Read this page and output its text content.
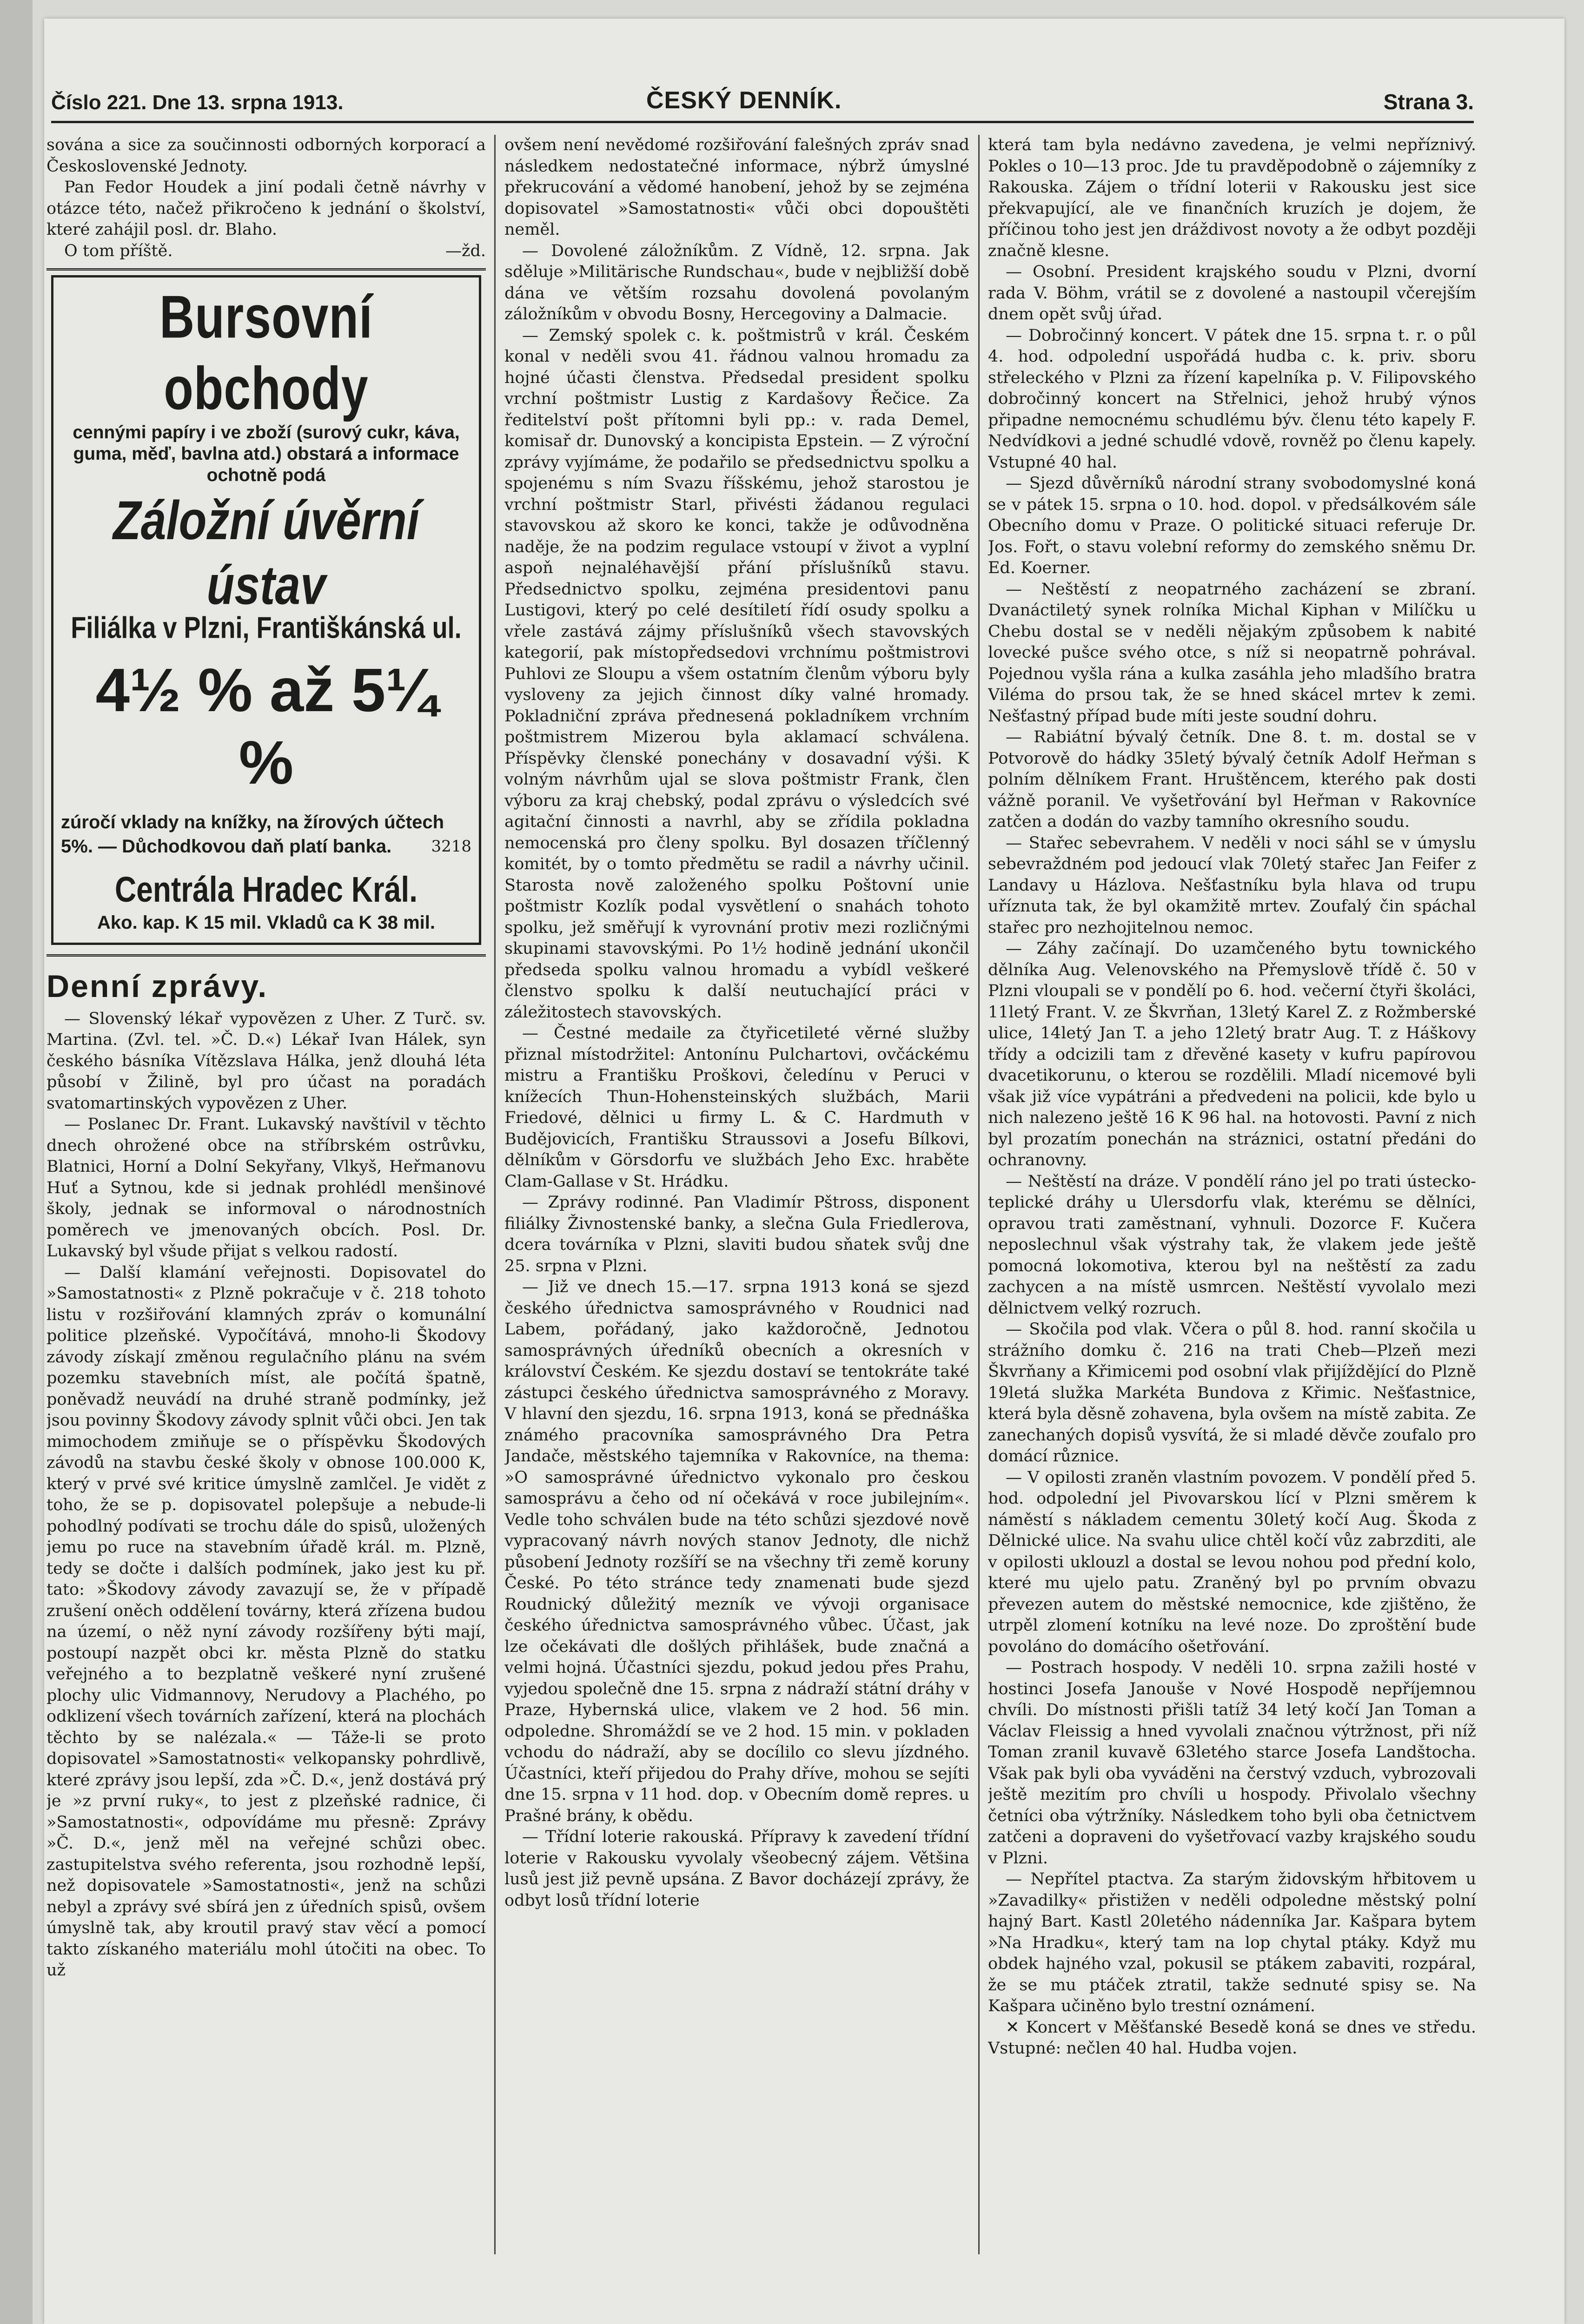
Číslo 221. Dne 13. srpna 1913.	ČESKÝ DENNÍK.	Strana 3.

sována a sice za součinnosti odborných korporací a Československé Jednoty.

Pan Fedor Houdek a jiní podali četně návrhy v otázce této, načež přikročeno k jednání o školství, které zahájil posl. dr. Blaho.

O tom příště.	—žd.
Bursovní obchody
cennými papíry i ve zboží (surový cukr, káva, guma, měď, bavlna atd.) obstará a informace ochotně podá
Záložní úvěrní ústav
Filiálka v Plzni, Františkánská ul.
4½ % až 5¼ %
zúročí vklady na knížky, na žírových účtech 5%. — Důchodkovou daň platí banka.	3218
Centrála Hradec Král.
Ako. kap. K 15 mil. Vkladů ca K 38 mil.
Denní zprávy.

— Slovenský lékař vypovězen z Uher. Z Turč. sv. Martina. (Zvl. tel. »Č. D.«) Lékař Ivan Hálek, syn českého básníka Vítězslava Hálka, jenž dlouhá léta působí v Žilině, byl pro účast na poradách svatomartinských vypovězen z Uher.

— Poslanec Dr. Frant. Lukavský navštívil v těchto dnech ohrožené obce na stříbrském ostrůvku, Blatnici, Horní a Dolní Sekyřany, Vlkyš, Heřmanovu Huť a Sytnou, kde si jednak prohlédl menšinové školy, jednak se informoval o národnostních poměrech ve jmenovaných obcích. Posl. Dr. Lukavský byl všude přijat s velkou radostí.

— Další klamání veřejnosti. Dopisovatel do »Samostatnosti« z Plzně pokračuje v č. 218 tohoto listu v rozšiřování klamných zpráv o komunální politice plzeňské. Vypočítává, mnoho-li Škodovy závody získají změnou regulačního plánu na svém pozemku stavebních míst, ale počítá špatně, poněvadž neuvádí na druhé straně podmínky, jež jsou povinny Škodovy závody splnit vůči obci. Jen tak mimochodem zmiňuje se o příspěvku Škodových závodů na stavbu české školy v obnose 100.000 K, který v prvé své kritice úmyslně zamlčel. Je vidět z toho, že se p. dopisovatel polepšuje a nebude-li pohodlný podívati se trochu dále do spisů, uložených jemu po ruce na stavebním úřadě král. m. Plzně, tedy se dočte i dalších podmínek, jako jest ku př. tato: »Škodovy závody zavazují se, že v případě zrušení oněch oddělení továrny, která zřízena budou na území, o něž nyní závody rozšířeny býti mají, postoupí nazpět obci kr. města Plzně do statku veřejného a to bezplatně veškeré nyní zrušené plochy ulic Vidmannovy, Nerudovy a Plachého, po odklizení všech továrních zařízení, která na plochách těchto by se nalézala.« — Táže-li se proto dopisovatel »Samostatnosti« velkopansky pohrdlivě, které zprávy jsou lepší, zda »Č. D.«, jenž dostává prý je »z první ruky«, to jest z plzeňské radnice, či »Samostatnosti«, odpovídáme mu přesně: Zprávy »Č. D.«, jenž měl na veřejné schůzi obec. zastupitelstva svého referenta, jsou rozhodně lepší, než dopisovatele »Samostatnosti«, jenž na schůzi nebyl a zprávy své sbírá jen z úředních spisů, ovšem úmyslně tak, aby kroutil pravý stav věcí a pomocí takto získaného materiálu mohl útočiti na obec. To už

ovšem není nevědomé rozšiřování falešných zpráv snad následkem nedostatečné informace, nýbrž úmyslné překrucování a vědomé hanobení, jehož by se zejména dopisovatel »Samostatnosti« vůči obci dopouštěti neměl.

— Dovolené záložníkům. Z Vídně, 12. srpna. Jak sděluje »Militärische Rundschau«, bude v nejbližší době dána ve větším rozsahu dovolená povolaným záložníkům v obvodu Bosny, Hercegoviny a Dalmacie.

— Zemský spolek c. k. poštmistrů v král. Českém konal v neděli svou 41. řádnou valnou hromadu za hojné účasti členstva. Předsedal president spolku vrchní poštmistr Lustig z Kardašovy Řečice. Za ředitelství pošt přítomni byli pp.: v. rada Demel, komisař dr. Dunovský a koncipista Epstein. — Z výroční zprávy vyjímáme, že podařilo se předsednictvu spolku a spojenému s ním Svazu říšskému, jehož starostou je vrchní poštmistr Starl, přivésti žádanou regulaci stavovskou až skoro ke konci, takže je odůvodněna naděje, že na podzim regulace vstoupí v život a vyplní aspoň nejnaléhavější přání příslušníků stavu. Předsednictvo spolku, zejména presidentovi panu Lustigovi, který po celé desítiletí řídí osudy spolku a vřele zastává zájmy příslušníků všech stavovských kategorií, pak místopředsedovi vrchnímu poštmistrovi Puhlovi ze Sloupu a všem ostatním členům výboru byly vysloveny za jejich činnost díky valné hromady. Pokladniční zpráva přednesená pokladníkem vrchním poštmistrem Mizerou byla aklamací schválena. Příspěvky členské ponechány v dosavadní výši. K volným návrhům ujal se slova poštmistr Frank, člen výboru za kraj chebský, podal zprávu o výsledcích své agitační činnosti a navrhl, aby se zřídila pokladna nemocenská pro členy spolku. Byl dosazen tříčlenný komitét, by o tomto předmětu se radil a návrhy učinil. Starosta nově založeného spolku Poštovní unie poštmistr Kozlík podal vysvětlení o snahách tohoto spolku, jež směřují k vyrovnání protiv mezi rozličnými skupinami stavovskými. Po 1½ hodině jednání ukončil předseda spolku valnou hromadu a vybídl veškeré členstvo spolku k další neutuchající práci v záležitostech stavovských.

— Čestné medaile za čtyřicetileté věrné služby přiznal místodržitel: Antonínu Pulchartovi, ovčáckému mistru a Františku Proškovi, čeledínu v Peruci v knížecích Thun-Hohensteinských službách, Marii Friedové, dělnici u firmy L. & C. Hardmuth v Budějovicích, Františku Straussovi a Josefu Bílkovi, dělníkům v Görsdorfu ve službách Jeho Exc. hraběte Clam-Gallase v St. Hrádku.

— Zprávy rodinné. Pan Vladimír Pštross, disponent filiálky Živnostenské banky, a slečna Gula Friedlerova, dcera továrníka v Plzni, slaviti budou sňatek svůj dne 25. srpna v Plzni.

— Již ve dnech 15.—17. srpna 1913 koná se sjezd českého úřednictva samosprávného v Roudnici nad Labem, pořádaný, jako každoročně, Jednotou samosprávných úředníků obecních a okresních v království Českém. Ke sjezdu dostaví se tentokráte také zástupci českého úřednictva samosprávného z Moravy. V hlavní den sjezdu, 16. srpna 1913, koná se přednáška známého pracovníka samosprávného Dra Petra Jandače, městského tajemníka v Rakovníce, na thema: »O samosprávné úřednictvo vykonalo pro českou samosprávu a čeho od ní očekává v roce jubilejním«. Vedle toho schválen bude na této schůzi sjezdové nově vypracovaný návrh nových stanov Jednoty, dle nichž působení Jednoty rozšíří se na všechny tři země koruny České. Po této stránce tedy znamenati bude sjezd Roudnický důležitý mezník ve vývoji organisace českého úřednictva samosprávného vůbec. Účast, jak lze očekávati dle došlých přihlášek, bude značná a velmi hojná. Účastníci sjezdu, pokud jedou přes Prahu, vyjedou společně dne 15. srpna z nádraží státní dráhy v Praze, Hybernská ulice, vlakem ve 2 hod. 56 min. odpoledne. Shromáždí se ve 2 hod. 15 min. v pokladen vchodu do nádraží, aby se docílilo co slevu jízdného. Účastníci, kteří přijedou do Prahy dříve, mohou se sejíti dne 15. srpna v 11 hod. dop. v Obecním domě repres. u Prašné brány, k obědu.

— Třídní loterie rakouská. Přípravy k zavedení třídní loterie v Rakousku vyvolaly všeobecný zájem. Většina lusů jest již pevně upsána. Z Bavor docházejí zprávy, že odbyt losů třídní loterie

která tam byla nedávno zavedena, je velmi nepříznivý. Pokles o 10—13 proc. Jde tu pravděpodobně o zájemníky z Rakouska. Zájem o třídní loterii v Rakousku jest sice překvapující, ale ve finančních kruzích je dojem, že příčinou toho jest jen dráždivost novoty a že odbyt později značně klesne.

— Osobní. President krajského soudu v Plzni, dvorní rada V. Böhm, vrátil se z dovolené a nastoupil včerejším dnem opět svůj úřad.

— Dobročinný koncert. V pátek dne 15. srpna t. r. o půl 4. hod. odpolední uspořádá hudba c. k. priv. sboru střeleckého v Plzni za řízení kapelníka p. V. Filipovského dobročinný koncert na Střelnici, jehož hrubý výnos připadne nemocnému schudlému býv. členu této kapely F. Nedvídkovi a jedné schudlé vdově, rovněž po členu kapely. Vstupné 40 hal.

— Sjezd důvěrníků národní strany svobodomyslné koná se v pátek 15. srpna o 10. hod. dopol. v předsálkovém sále Obecního domu v Praze. O politické situaci referuje Dr. Jos. Fořt, o stavu volební reformy do zemského sněmu Dr. Ed. Koerner.

— Neštěstí z neopatrného zacházení se zbraní. Dvanáctiletý synek rolníka Michal Kiphan v Milíčku u Chebu dostal se v neděli nějakým způsobem k nabité lovecké pušce svého otce, s níž si neopatrně pohrával. Pojednou vyšla rána a kulka zasáhla jeho mladšího bratra Viléma do prsou tak, že se hned skácel mrtev k zemi. Nešťastný případ bude míti jeste soudní dohru.

— Rabiátní bývalý četník. Dne 8. t. m. dostal se v Potvorově do hádky 35letý bývalý četník Adolf Heřman s polním dělníkem Frant. Hruštěncem, kterého pak dosti vážně poranil. Ve vyšetřování byl Heřman v Rakovníce zatčen a dodán do vazby tamního okresního soudu.

— Stařec sebevrahem. V neděli v noci sáhl se v úmyslu sebevraždném pod jedoucí vlak 70letý stařec Jan Feifer z Landavy u Házlova. Nešťastníku byla hlava od trupu uříznuta tak, že byl okamžitě mrtev. Zoufalý čin spáchal stařec pro nezhojitelnou nemoc.

— Záhy začínají. Do uzamčeného bytu townického dělníka Aug. Velenovského na Přemyslově třídě č. 50 v Plzni vloupali se v pondělí po 6. hod. večerní čtyři školáci, 11letý Frant. V. ze Škvrňan, 13letý Karel Z. z Rožmberské ulice, 14letý Jan T. a jeho 12letý bratr Aug. T. z Háškovy třídy a odcizili tam z dřevěné kasety v kufru papírovou dvacetikorunu, o kterou se rozdělili. Mladí nicemové byli však již více vypátráni a předvedeni na policii, kde bylo u nich nalezeno ještě 16 K 96 hal. na hotovosti. Pavní z nich byl prozatím ponechán na stráznici, ostatní předáni do ochranovny.

— Neštěstí na dráze. V pondělí ráno jel po trati ústecko-teplické dráhy u Ulersdorfu vlak, kterému se dělníci, opravou trati zaměstnaní, vyhnuli. Dozorce F. Kučera neposlechnul však výstrahy tak, že vlakem jede ještě pomocná lokomotiva, kterou byl na neštěstí za zadu zachycen a na místě usmrcen. Neštěstí vyvolalo mezi dělnictvem velký rozruch.

— Skočila pod vlak. Včera o půl 8. hod. ranní skočila u strážního domku č. 216 na trati Cheb—Plzeň mezi Škvrňany a Křimicemi pod osobní vlak přijíždějící do Plzně 19letá služka Markéta Bundova z Křimic. Nešťastnice, která byla děsně zohavena, byla ovšem na místě zabita. Ze zanechaných dopisů vysvítá, že si mladé děvče zoufalo pro domácí různice.

— V opilosti zraněn vlastním povozem. V pondělí před 5. hod. odpolední jel Pivovarskou lící v Plzni směrem k náměstí s nákladem cementu 30letý kočí Aug. Škoda z Dělnické ulice. Na svahu ulice chtěl kočí vůz zabrzditi, ale v opilosti uklouzl a dostal se levou nohou pod přední kolo, které mu ujelo patu. Zraněný byl po prvním obvazu převezen autem do městské nemocnice, kde zjištěno, že utrpěl zlomení kotníku na levé noze. Do zproštění bude povoláno do domácího ošetřování.

— Postrach hospody. V neděli 10. srpna zažili hosté v hostinci Josefa Janouše v Nové Hospodě nepříjemnou chvíli. Do místnosti přišli tatíž 34 letý kočí Jan Toman a Václav Fleissig a hned vyvolali značnou výtržnost, při níž Toman zranil kuvavě 63letého starce Josefa Landštocha. Však pak byli oba vyváděni na čerstvý vzduch, vybrozovali ještě mezitím pro chvíli u hospody. Přivolalo všechny četníci oba výtržníky. Následkem toho byli oba četnictvem zatčeni a dopraveni do vyšetřovací vazby krajského soudu v Plzni.

— Nepřítel ptactva. Za starým židovským hřbitovem u »Zavadilky« přistižen v neděli odpoledne městský polní hajný Bart. Kastl 20letého nádenníka Jar. Kašpara bytem »Na Hradku«, který tam na lop chytal ptáky. Když mu obdek hajného vzal, pokusil se ptákem zabaviti, rozpáral, že se mu ptáček ztratil, takže sednuté spisy se. Na Kašpara učiněno bylo trestní oznámení.

✕ Koncert v Měšťanské Besedě koná se dnes ve středu. Vstupné: nečlen 40 hal. Hudba vojen.
